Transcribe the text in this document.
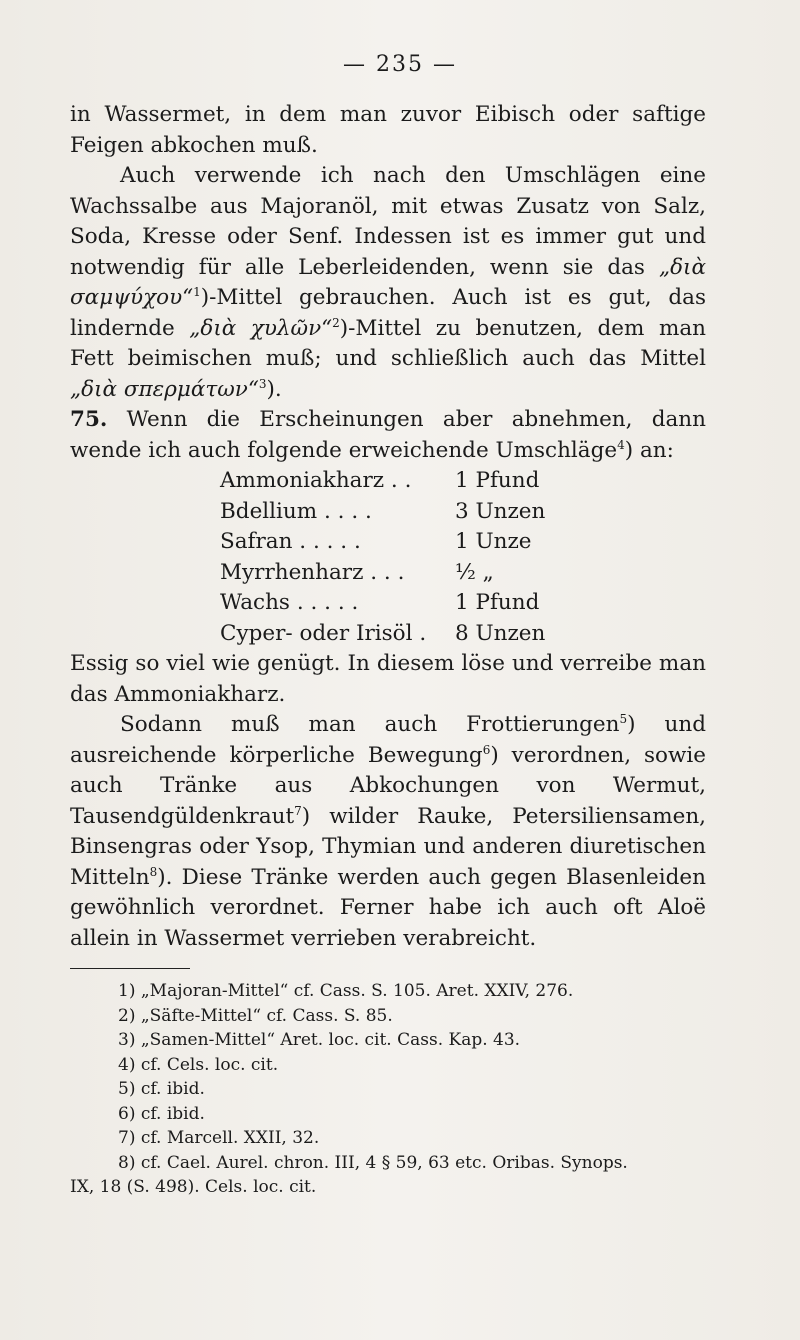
— 235 —

in Wassermet, in dem man zuvor Eibisch oder saftige Feigen abkochen muß.

Auch verwende ich nach den Umschlägen eine Wachssalbe aus Majoranöl, mit etwas Zusatz von Salz, Soda, Kresse oder Senf. Indessen ist es immer gut und notwendig für alle Leberleidenden, wenn sie das „διὰ σαμψύχου“$^1$)-Mittel gebrauchen. Auch ist es gut, das lindernde „διὰ χυλῶν“$^2$)-Mittel zu benutzen, dem man Fett beimischen muß; und schließlich auch das Mittel „διὰ σπερμάτων“$^3$).

75. Wenn die Erscheinungen aber abnehmen, dann wende ich auch folgende erweichende Umschläge$^4$) an:

Ammoniakharz . .	1 Pfund
Bdellium . . . .	3 Unzen
Safran . . . . .	1 Unze
Myrrhenharz . . .	½ „
Wachs . . . . .	1 Pfund
Cyper- oder Irisöl .	8 Unzen

Essig so viel wie genügt. In diesem löse und verreibe man das Ammoniakharz.

Sodann muß man auch Frottierungen$^5$) und ausreichende körperliche Bewegung$^6$) verordnen, sowie auch Tränke aus Abkochungen von Wermut, Tausendgüldenkraut$^7$) wilder Rauke, Petersiliensamen, Binsengras oder Ysop, Thymian und anderen diuretischen Mitteln$^8$). Diese Tränke werden auch gegen Blasenleiden gewöhnlich verordnet. Ferner habe ich auch oft Aloë allein in Wassermet verrieben verabreicht.

1) „Majoran-Mittel“ cf. Cass. S. 105. Aret. XXIV, 276.
2) „Säfte-Mittel“ cf. Cass. S. 85.
3) „Samen-Mittel“ Aret. loc. cit. Cass. Kap. 43.
4) cf. Cels. loc. cit.
5) cf. ibid.
6) cf. ibid.
7) cf. Marcell. XXII, 32.
8) cf. Cael. Aurel. chron. III, 4 § 59, 63 etc. Oribas. Synops.
IX, 18 (S. 498). Cels. loc. cit.
